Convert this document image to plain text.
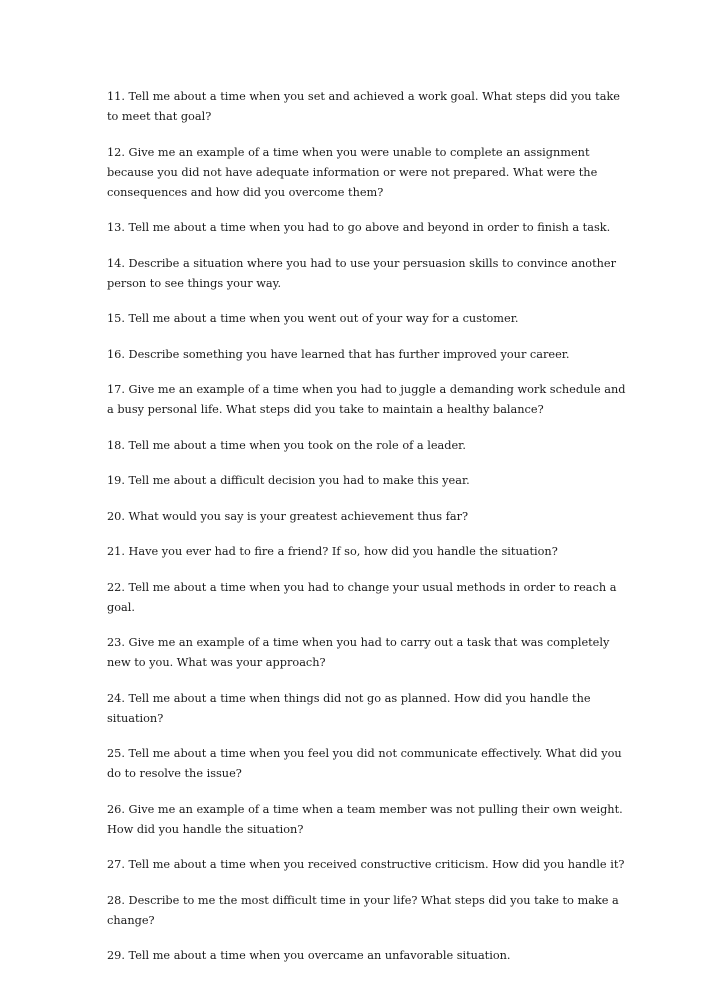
11. Tell me about a time when you set and achieved a work goal. What steps did you take to meet that goal?

12. Give me an example of a time when you were unable to complete an assignment because you did not have adequate information or were not prepared. What were the consequences and how did you overcome them?

13. Tell me about a time when you had to go above and beyond in order to finish a task.

14. Describe a situation where you had to use your persuasion skills to convince another person to see things your way.

15. Tell me about a time when you went out of your way for a customer.

16. Describe something you have learned that has further improved your career.

17. Give me an example of a time when you had to juggle a demanding work schedule and a busy personal life. What steps did you take to maintain a healthy balance?

18. Tell me about a time when you took on the role of a leader.

19. Tell me about a difficult decision you had to make this year.

20. What would you say is your greatest achievement thus far?

21. Have you ever had to fire a friend? If so, how did you handle the situation?

22. Tell me about a time when you had to change your usual methods in order to reach a goal.

23. Give me an example of a time when you had to carry out a task that was completely new to you. What was your approach?

24. Tell me about a time when things did not go as planned. How did you handle the situation?

25. Tell me about a time when you feel you did not communicate effectively. What did you do to resolve the issue?

26. Give me an example of a time when a team member was not pulling their own weight. How did you handle the situation?

27. Tell me about a time when you received constructive criticism. How did you handle it?

28. Describe to me the most difficult time in your life? What steps did you take to make a change?

29. Tell me about a time when you overcame an unfavorable situation.
